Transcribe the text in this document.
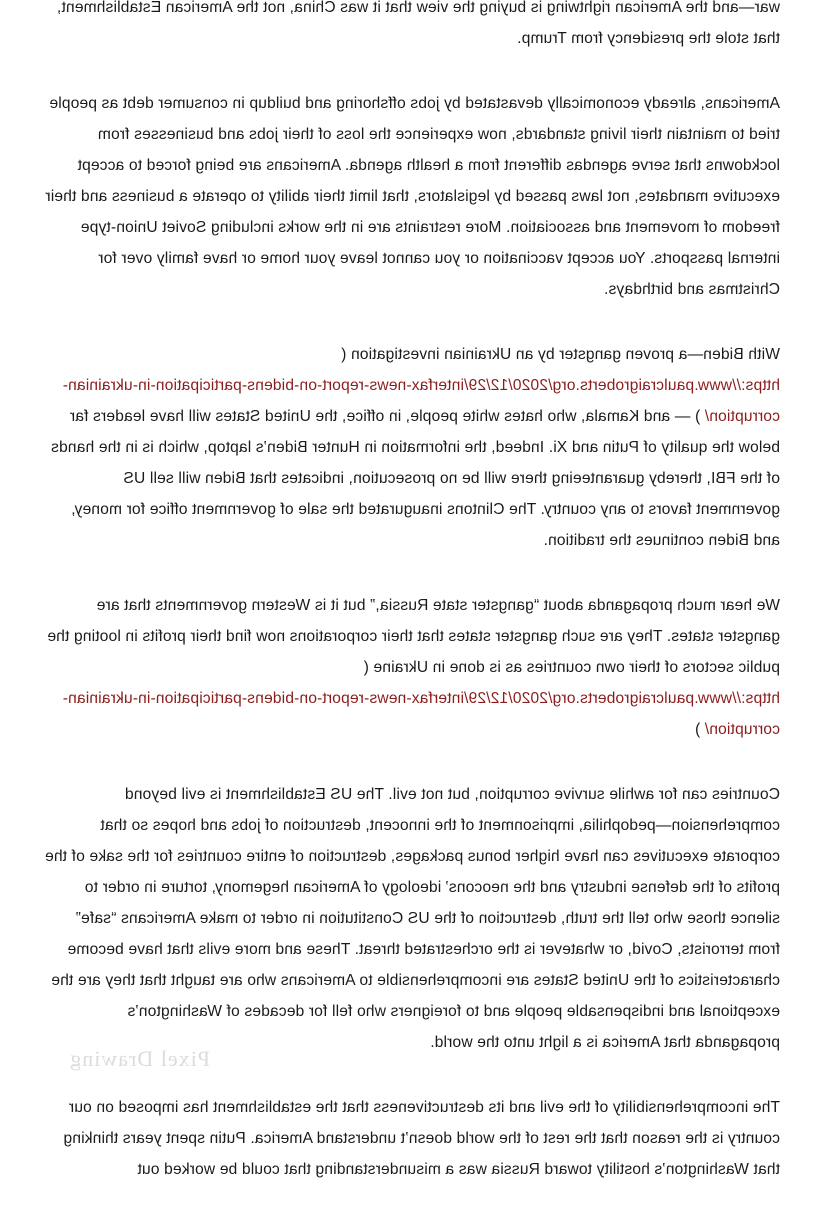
war—and the American rightwing is buying the view that it was China, not the American Establishment, that stole the presidency from Trump.

Americans, already economically devastated by jobs offshoring and buildup in consumer debt as people tried to maintain their living standards, now experience the loss of their jobs and businesses from lockdowns that serve agendas different from a health agenda. Americans are being forced to accept executive mandates, not laws passed by legislators, that limit their ability to operate a business and their freedom of movement and association. More restraints are in the works including Soviet Union-type internal passports. You accept vaccination or you cannot leave your home or have family over for Christmas and birthdays.

With Biden—a proven gangster by an Ukrainian investigation ( https://www.paulcraigroberts.org/2020/12/29/interfax-news-report-on-bidens-participation-in-ukrainian-corruption/ ) — and Kamala, who hates white people, in office, the United States will have leaders far below the quality of Putin and Xi. Indeed, the information in Hunter Biden’s laptop, which is in the hands of the FBI, thereby guaranteeing there will be no prosecution, indicates that Biden will sell US government favors to any country. The Clintons inaugurated the sale of government office for money, and Biden continues the tradition.

We hear much propaganda about “gangster state Russia,” but it is Western governments that are gangster states. They are such gangster states that their corporations now find their profits in looting the public sectors of their own countries as is done in Ukraine ( https://www.paulcraigroberts.org/2020/12/29/interfax-news-report-on-bidens-participation-in-ukrainian-corruption/ )

Countries can for awhile survive corruption, but not evil. The US Establishment is evil beyond comprehension—pedophilia, imprisonment of the innocent, destruction of jobs and hopes so that corporate executives can have higher bonus packages, destruction of entire countries for the sake of the profits of the defense industry and the neocons’ ideology of American hegemony, torture in order to silence those who tell the truth, destruction of the US Constitution in order to make Americans “safe” from terrorists, Covid, or whatever is the orchestrated threat. These and more evils that have become characteristics of the United States are incomprehensible to Americans who are taught that they are the exceptional and indispensable people and to foreigners who fell for decades of Washington’s propaganda that America is a light unto the world.

The incomprehensibility of the evil and its destructiveness that the establishment has imposed on our country is the reason that the rest of the world doesn’t understand America. Putin spent years thinking that Washington’s hostility toward Russia was a misunderstanding that could be worked out

Pixel Drawing
